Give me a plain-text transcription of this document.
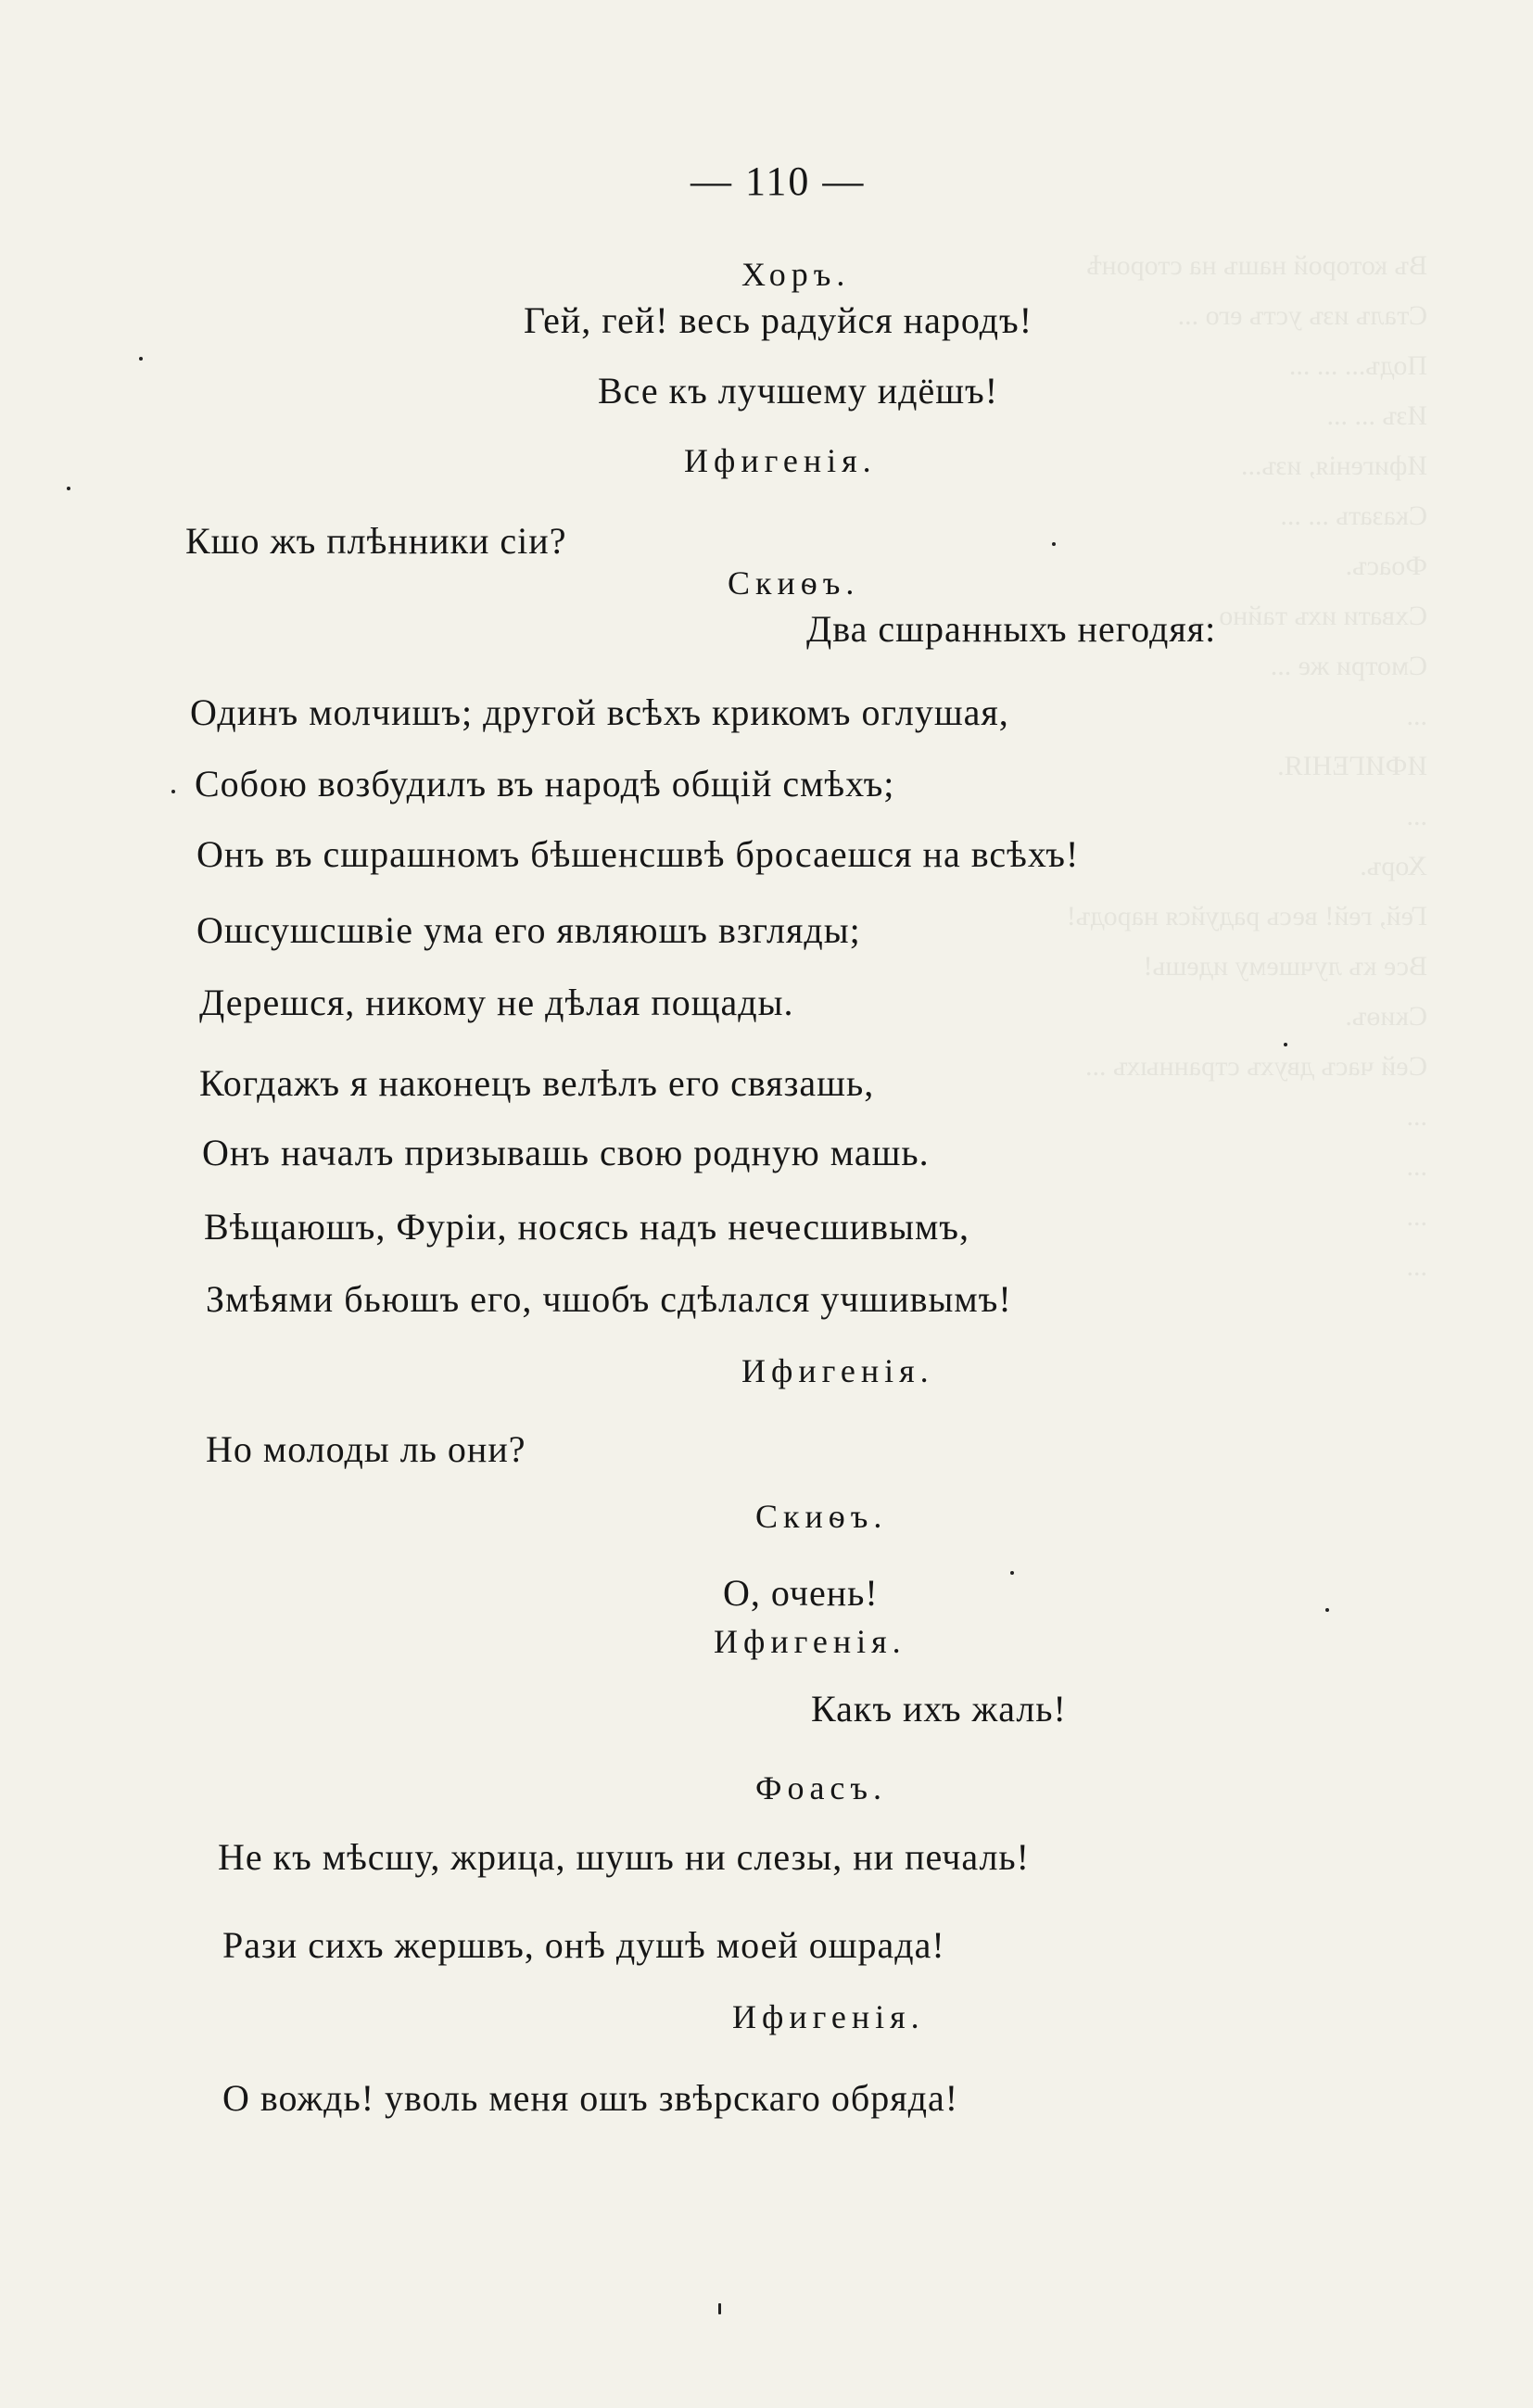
Въ которой нашъ на сторонѣ
Сталъ изъ устъ его ...
Подъ... ... ...
Изъ ... ...
Ифигенія, изъ...
Сказать ... ...
Фоасъ.
Схвати ихъ тайно ...
Смотри же ...
...
ИФИГЕНІЯ.
...
Хоръ.
Гей, гей! весь радуйся народъ!
Все къ лучшему идешь!
Скиѳъ.
Сей часъ двухъ странныхъ ...
...
...
...
...
— 110 —
Хоръ.
Гей, гей! весь радуйся народъ!
Все къ лучшему идёшъ!
Ифигенія.
Кшо жъ плѣнники сіи?
Скиѳъ.
Два сшранныхъ негодяя:
Одинъ молчишъ; другой всѣхъ крикомъ оглушая,
Собою возбудилъ въ народѣ общій смѣхъ;
Онъ въ сшрашномъ бѣшенсшвѣ бросаешся на всѣхъ!
Ошсушсшвіе ума его являюшъ взгляды;
Дерешся, никому не дѣлая пощады.
Когдажъ я наконецъ велѣлъ его связашь,
Онъ началъ призывашь свою родную машь.
Вѣщаюшъ, Фуріи, носясь надъ нечесшивымъ,
Змѣями бьюшъ его, чшобъ сдѣлался учшивымъ!
Ифигенія.
Но молоды ль они?
Скиѳъ.
О, очень!
Ифигенія.
Какъ ихъ жаль!
Фоасъ.
Не къ мѣсшу, жрица, шушъ ни слезы, ни печаль!
Рази сихъ жершвъ, онѣ душѣ моей ошрада!
Ифигенія.
О вождь! уволь меня ошъ звѣрскаго обряда!
